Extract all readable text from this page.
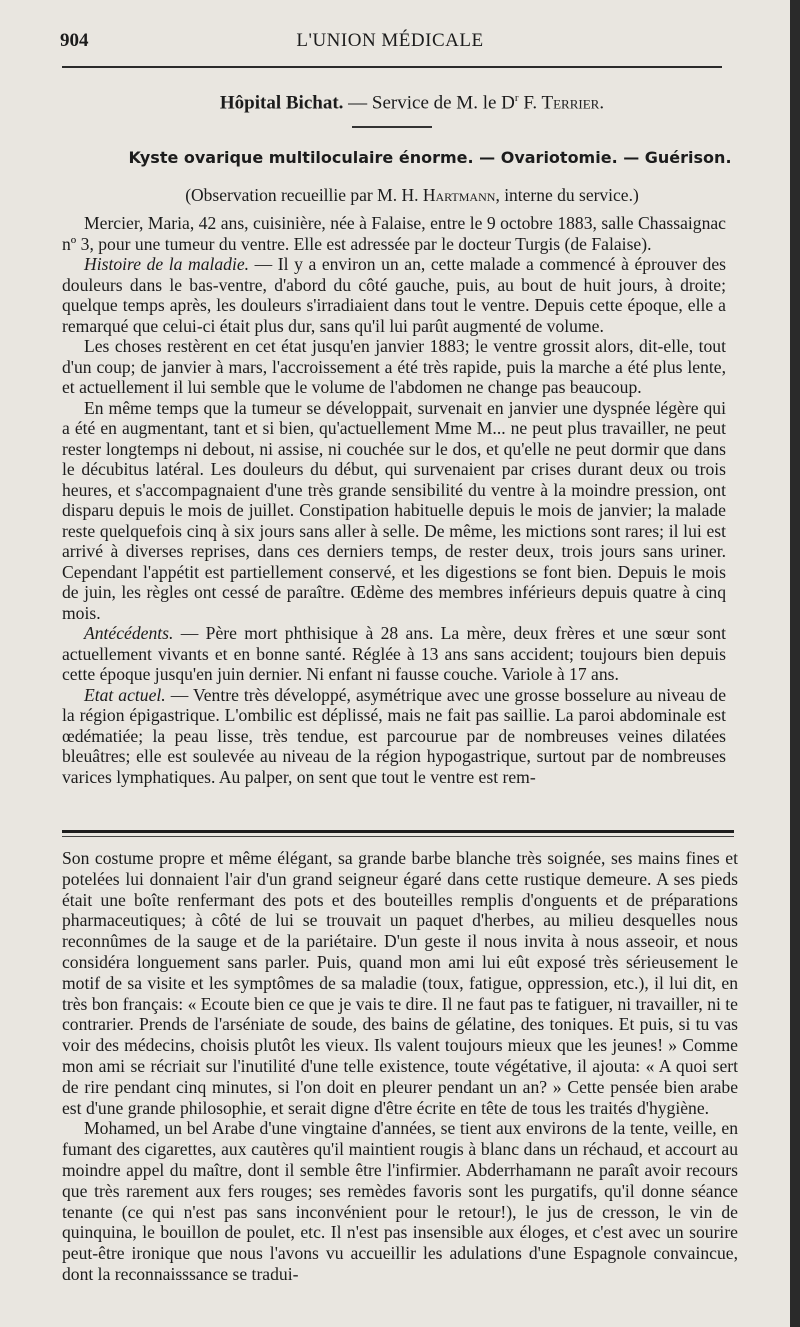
904	L'UNION MÉDICALE
Hôpital Bichat. — Service de M. le $D^r$ F. Terrier.
Kyste ovarique multiloculaire énorme. — Ovariotomie. — Guérison.
(Observation recueillie par M. H. Hartmann, interne du service.)

Mercier, Maria, 42 ans, cuisinière, née à Falaise, entre le 9 octobre 1883, salle Chassaignac nº 3, pour une tumeur du ventre. Elle est adressée par le docteur Turgis (de Falaise).

Histoire de la maladie. — Il y a environ un an, cette malade a commencé à éprouver des douleurs dans le bas-ventre, d'abord du côté gauche, puis, au bout de huit jours, à droite; quelque temps après, les douleurs s'irradiaient dans tout le ventre. Depuis cette époque, elle a remarqué que celui-ci était plus dur, sans qu'il lui parût augmenté de volume.

Les choses restèrent en cet état jusqu'en janvier 1883; le ventre grossit alors, dit-elle, tout d'un coup; de janvier à mars, l'accroissement a été très rapide, puis la marche a été plus lente, et actuellement il lui semble que le volume de l'abdomen ne change pas beaucoup.

En même temps que la tumeur se développait, survenait en janvier une dyspnée légère qui a été en augmentant, tant et si bien, qu'actuellement Mme M... ne peut plus travailler, ne peut rester longtemps ni debout, ni assise, ni couchée sur le dos, et qu'elle ne peut dormir que dans le décubitus latéral. Les douleurs du début, qui survenaient par crises durant deux ou trois heures, et s'accompagnaient d'une très grande sensibilité du ventre à la moindre pression, ont disparu depuis le mois de juillet. Constipation habituelle depuis le mois de janvier; la malade reste quelquefois cinq à six jours sans aller à selle. De même, les mictions sont rares; il lui est arrivé à diverses reprises, dans ces derniers temps, de rester deux, trois jours sans uriner. Cependant l'appétit est partiellement conservé, et les digestions se font bien. Depuis le mois de juin, les règles ont cessé de paraître. Œdème des membres inférieurs depuis quatre à cinq mois.

Antécédents. — Père mort phthisique à 28 ans. La mère, deux frères et une sœur sont actuellement vivants et en bonne santé. Réglée à 13 ans sans accident; toujours bien depuis cette époque jusqu'en juin dernier. Ni enfant ni fausse couche. Variole à 17 ans.

Etat actuel. — Ventre très développé, asymétrique avec une grosse bosselure au niveau de la région épigastrique. L'ombilic est déplissé, mais ne fait pas saillie. La paroi abdominale est œdématiée; la peau lisse, très tendue, est parcourue par de nombreuses veines dilatées bleuâtres; elle est soulevée au niveau de la région hypogastrique, surtout par de nombreuses varices lymphatiques. Au palper, on sent que tout le ventre est rem-

Son costume propre et même élégant, sa grande barbe blanche très soignée, ses mains fines et potelées lui donnaient l'air d'un grand seigneur égaré dans cette rustique demeure. A ses pieds était une boîte renfermant des pots et des bouteilles remplis d'onguents et de préparations pharmaceutiques; à côté de lui se trouvait un paquet d'herbes, au milieu desquelles nous reconnûmes de la sauge et de la pariétaire. D'un geste il nous invita à nous asseoir, et nous considéra longuement sans parler. Puis, quand mon ami lui eût exposé très sérieusement le motif de sa visite et les symptômes de sa maladie (toux, fatigue, oppression, etc.), il lui dit, en très bon français: « Ecoute bien ce que je vais te dire. Il ne faut pas te fatiguer, ni travailler, ni te contrarier. Prends de l'arséniate de soude, des bains de gélatine, des toniques. Et puis, si tu vas voir des médecins, choisis plutôt les vieux. Ils valent toujours mieux que les jeunes! » Comme mon ami se récriait sur l'inutilité d'une telle existence, toute végétative, il ajouta: « A quoi sert de rire pendant cinq minutes, si l'on doit en pleurer pendant un an? » Cette pensée bien arabe est d'une grande philosophie, et serait digne d'être écrite en tête de tous les traités d'hygiène.

Mohamed, un bel Arabe d'une vingtaine d'années, se tient aux environs de la tente, veille, en fumant des cigarettes, aux cautères qu'il maintient rougis à blanc dans un réchaud, et accourt au moindre appel du maître, dont il semble être l'infirmier. Abderrhamann ne paraît avoir recours que très rarement aux fers rouges; ses remèdes favoris sont les purgatifs, qu'il donne séance tenante (ce qui n'est pas sans inconvénient pour le retour!), le jus de cresson, le vin de quinquina, le bouillon de poulet, etc. Il n'est pas insensible aux éloges, et c'est avec un sourire peut-être ironique que nous l'avons vu accueillir les adulations d'une Espagnole convaincue, dont la reconnaisssance se tradui-
